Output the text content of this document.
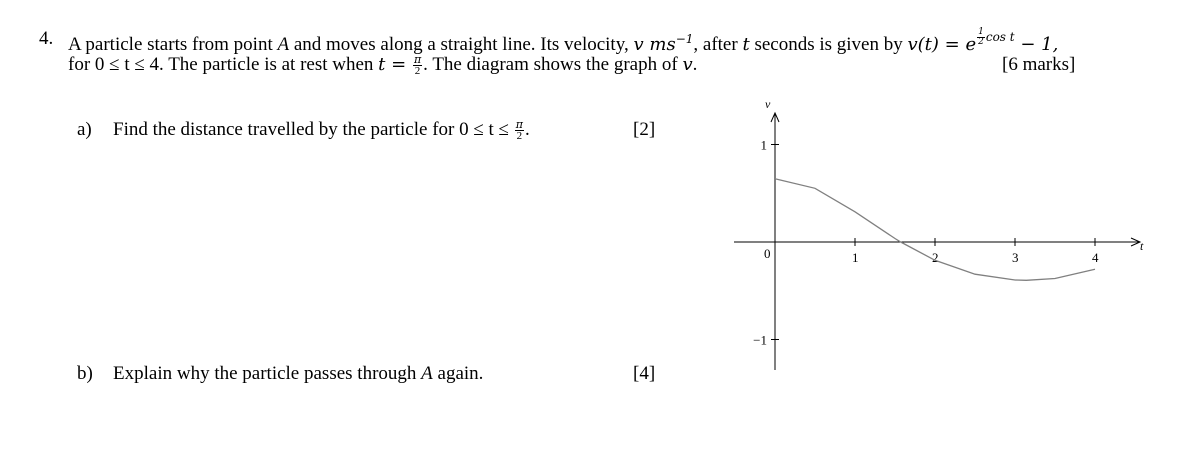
4. A particle starts from point A and moves along a straight line. Its velocity, v $ms^{-1}$, after t seconds is given by v(t) = e $^{\frac{1}{2} cos t}$ − 1,
for 0 ≤ t ≤ 4. The particle is at rest when $t = \frac{\pi}{2}$ . The diagram shows the graph of v.	[6 marks]
a) Find the distance travelled by the particle for $0 \le t \le \frac{\pi}{2}$ .	[2]
b) Explain why the particle passes through A again.	[4]
v
t
0	1	2	3	4
1
−1
